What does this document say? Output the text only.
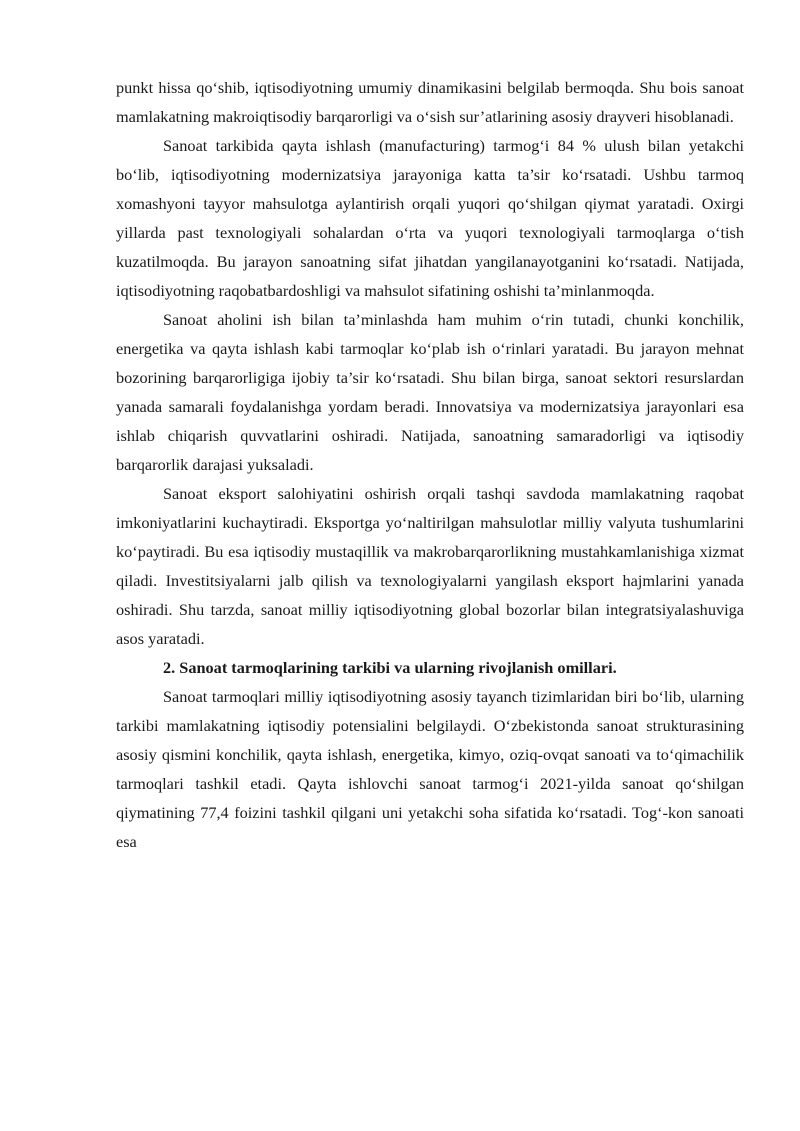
punkt hissa qo‘shib, iqtisodiyotning umumiy dinamikasini belgilab bermoqda. Shu bois sanoat mamlakatning makroiqtisodiy barqarorligi va o‘sish sur’atlarining asosiy drayveri hisoblanadi.

Sanoat tarkibida qayta ishlash (manufacturing) tarmog‘i 84 % ulush bilan yetakchi bo‘lib, iqtisodiyotning modernizatsiya jarayoniga katta ta’sir ko‘rsatadi. Ushbu tarmoq xomashyoni tayyor mahsulotga aylantirish orqali yuqori qo‘shilgan qiymat yaratadi. Oxirgi yillarda past texnologiyali sohalardan o‘rta va yuqori texnologiyali tarmoqlarga o‘tish kuzatilmoqda. Bu jarayon sanoatning sifat jihatdan yangilanayotganini ko‘rsatadi. Natijada, iqtisodiyotning raqobatbardoshligi va mahsulot sifatining oshishi ta’minlanmoqda.

Sanoat aholini ish bilan ta’minlashda ham muhim o‘rin tutadi, chunki konchilik, energetika va qayta ishlash kabi tarmoqlar ko‘plab ish o‘rinlari yaratadi. Bu jarayon mehnat bozorining barqarorligiga ijobiy ta’sir ko‘rsatadi. Shu bilan birga, sanoat sektori resurslardan yanada samarali foydalanishga yordam beradi. Innovatsiya va modernizatsiya jarayonlari esa ishlab chiqarish quvvatlarini oshiradi. Natijada, sanoatning samaradorligi va iqtisodiy barqarorlik darajasi yuksaladi.

Sanoat eksport salohiyatini oshirish orqali tashqi savdoda mamlakatning raqobat imkoniyatlarini kuchaytiradi. Eksportga yo‘naltirilgan mahsulotlar milliy valyuta tushumlarini ko‘paytiradi. Bu esa iqtisodiy mustaqillik va makrobarqarorlikning mustahkamlanishiga xizmat qiladi. Investitsiyalarni jalb qilish va texnologiyalarni yangilash eksport hajmlarini yanada oshiradi. Shu tarzda, sanoat milliy iqtisodiyotning global bozorlar bilan integratsiyalashuviga asos yaratadi.

2. Sanoat tarmoqlarining tarkibi va ularning rivojlanish omillari.

Sanoat tarmoqlari milliy iqtisodiyotning asosiy tayanch tizimlaridan biri bo‘lib, ularning tarkibi mamlakatning iqtisodiy potensialini belgilaydi. O‘zbekistonda sanoat strukturasining asosiy qismini konchilik, qayta ishlash, energetika, kimyo, oziq-ovqat sanoati va to‘qimachilik tarmoqlari tashkil etadi. Qayta ishlovchi sanoat tarmog‘i 2021-yilda sanoat qo‘shilgan qiymatining 77,4 foizini tashkil qilgani uni yetakchi soha sifatida ko‘rsatadi. Tog‘-kon sanoati esa
